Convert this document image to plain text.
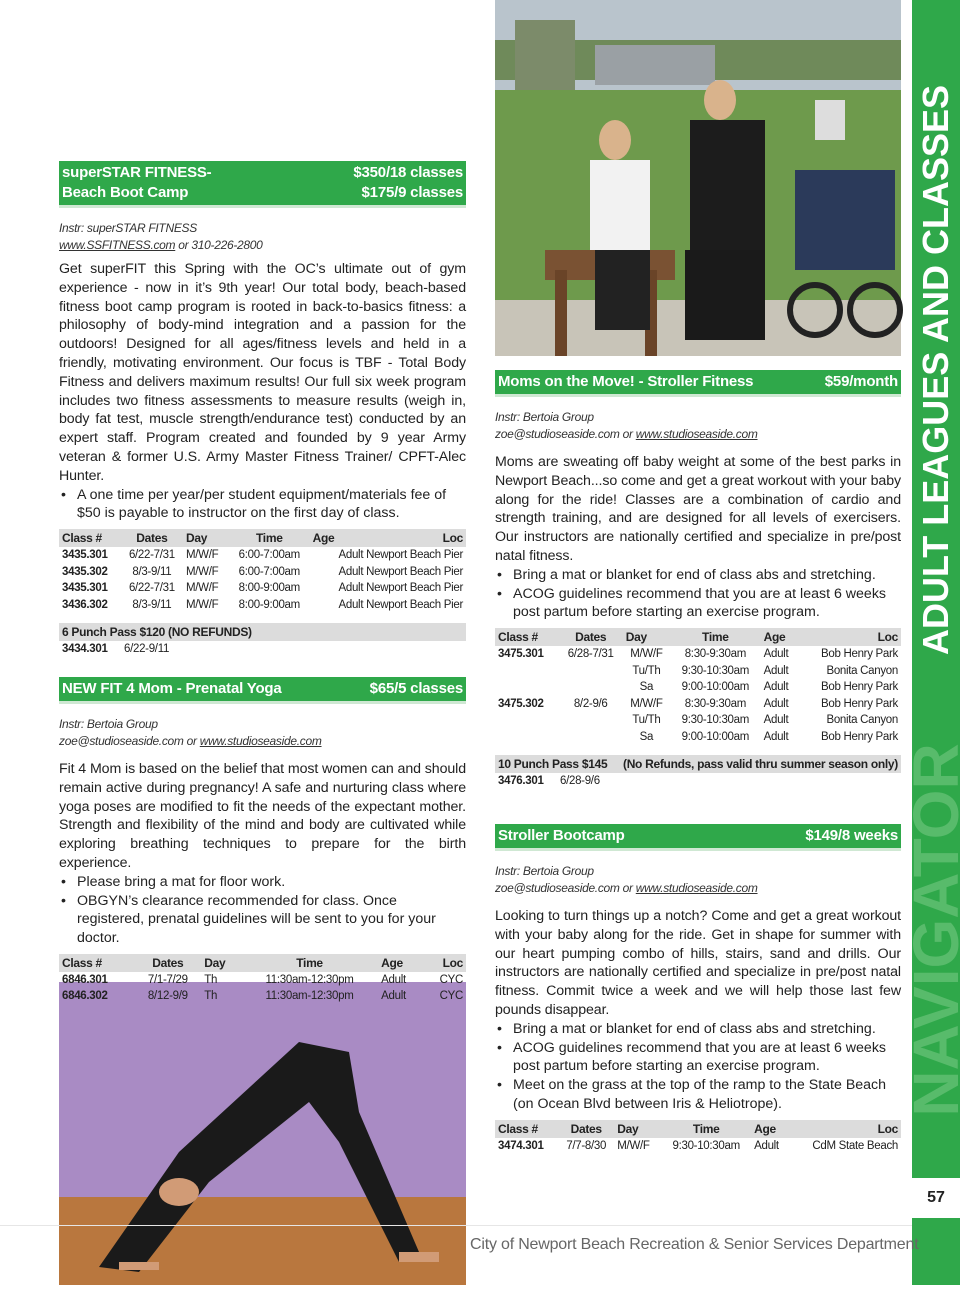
superSTAR FITNESS-
Beach Boot Camp
$350/18 classes
$175/9 classes
Instr: superSTAR FITNESS
www.SSFITNESS.com or 310-226-2800
Get superFIT this Spring with the OC’s ultimate out of gym experience - now in it’s 9th year! Our total body, beach-based fitness boot camp program is rooted in back-to-basics fitness: a philosophy of body-mind integration and a passion for the outdoors! Designed for all ages/fitness levels and held in a friendly, motivating environment. Our focus is TBF - Total Body Fitness and delivers maximum results! Our full six week program includes two fitness assessments to measure results (weigh in, body fat test, muscle strength/endurance test) conducted by an expert staff. Program created and founded by 9 year Army veteran & former U.S. Army Master Fitness Trainer/ CPFT-Alec Hunter.
• A one time per year/per student equipment/materials fee of $50 is payable to instructor on the first day of class.
Class #	Dates	Day	Time	Age	Loc
3435.301	6/22-7/31	M/W/F	6:00-7:00am	Adult Newport Beach Pier	
3435.302	8/3-9/11	M/W/F	6:00-7:00am	Adult Newport Beach Pier	
3435.301	6/22-7/31	M/W/F	8:00-9:00am	Adult Newport Beach Pier	
3436.302	8/3-9/11	M/W/F	8:00-9:00am	Adult Newport Beach Pier	
6 Punch Pass $120 (NO REFUNDS)
3434.301 6/22-9/11
NEW FIT 4 Mom - Prenatal Yoga	$65/5 classes
Instr: Bertoia Group
zoe@studioseaside.com or www.studioseaside.com
Fit 4 Mom is based on the belief that most women can and should remain active during pregnancy! A safe and nurturing class where yoga poses are modified to fit the needs of the expectant mother. Strength and flexibility of the mind and body are cultivated while exploring breathing techniques to prepare for the birth experience.
• Please bring a mat for floor work.
• OBGYN’s clearance recommended for class. Once registered, prenatal guidelines will be sent to you for your doctor.
Class #	Dates	Day	Time	Age	Loc
6846.301	7/1-7/29	Th	11:30am-12:30pm	Adult	CYC
6846.302	8/12-9/9	Th	11:30am-12:30pm	Adult	CYC
Moms on the Move! - Stroller Fitness	$59/month
Instr: Bertoia Group
zoe@studioseaside.com or www.studioseaside.com
Moms are sweating off baby weight at some of the best parks in Newport Beach...so come and get a great workout with your baby along for the ride! Classes are a combination of cardio and strength training, and are designed for all levels of exercisers. Our instructors are nationally certified and specialize in pre/post natal fitness.
• Bring a mat or blanket for end of class abs and stretching.
• ACOG guidelines recommend that you are at least 6 weeks post partum before starting an exercise program.
Class #	Dates	Day	Time	Age	Loc
3475.301	6/28-7/31	M/W/F	8:30-9:30am	Adult	Bob Henry Park
		Tu/Th	9:30-10:30am	Adult	Bonita Canyon
		Sa	9:00-10:00am	Adult	Bob Henry Park
3475.302	8/2-9/6	M/W/F	8:30-9:30am	Adult	Bob Henry Park
		Tu/Th	9:30-10:30am	Adult	Bonita Canyon
		Sa	9:00-10:00am	Adult	Bob Henry Park
10 Punch Pass $145 (No Refunds, pass valid thru summer season only)
3476.301 6/28-9/6
Stroller Bootcamp	$149/8 weeks
Instr: Bertoia Group
zoe@studioseaside.com or www.studioseaside.com
Looking to turn things up a notch? Come and get a great workout with your baby along for the ride. Get in shape for summer with our heart pumping combo of hills, stairs, sand and drills. Our instructors are nationally certified and specialize in pre/post natal fitness. Commit twice a week and we will help those last few pounds disappear.
• Bring a mat or blanket for end of class abs and stretching.
• ACOG guidelines recommend that you are at least 6 weeks post partum before starting an exercise program.
• Meet on the grass at the top of the ramp to the State Beach (on Ocean Blvd between Iris & Heliotrope).
Class #	Dates	Day	Time	Age	Loc
3474.301	7/7-8/30	M/W/F	9:30-10:30am	Adult	CdM State Beach
NAVIGATOR
ADULT LEAGUES AND CLASSES
57
City of Newport Beach Recreation & Senior Services Department
